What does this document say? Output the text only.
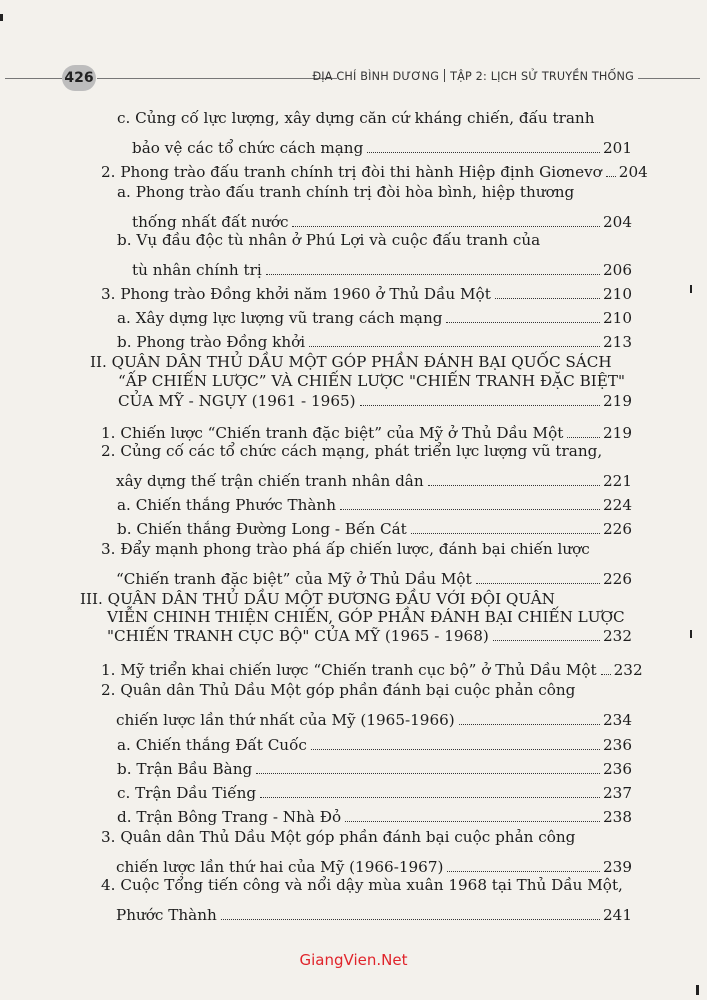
426	ĐỊA CHÍ BÌNH DƯƠNG TẬP 2: LỊCH SỬ TRUYỀN THỐNG
c. Củng cố lực lượng, xây dựng căn cứ kháng chiến, đấu tranh
bảo vệ các tổ chức cách mạng	201
2. Phong trào đấu tranh chính trị đòi thi hành Hiệp định Giơnevơ 204
a. Phong trào đấu tranh chính trị đòi hòa bình, hiệp thương
thống nhất đất nước	204
b. Vụ đầu độc tù nhân ở Phú Lợi và cuộc đấu tranh của
tù nhân chính trị	206
3. Phong trào Đồng khởi năm 1960 ở Thủ Dầu Một	210
a. Xây dựng lực lượng vũ trang cách mạng	210
b. Phong trào Đồng khởi	213
II. QUÂN DÂN THỦ DẦU MỘT GÓP PHẦN ĐÁNH BẠI QUỐC SÁCH
“ẤP CHIẾN LƯỢC” VÀ CHIẾN LƯỢC "CHIẾN TRANH ĐẶC BIỆT"
CỦA MỸ - NGỤY (1961 - 1965)	219
1. Chiến lược “Chiến tranh đặc biệt” của Mỹ ở Thủ Dầu Một	219
2. Củng cố các tổ chức cách mạng, phát triển lực lượng vũ trang,
xây dựng thế trận chiến tranh nhân dân	221
a. Chiến thắng Phước Thành	224
b. Chiến thắng Đường Long - Bến Cát	226
3. Đẩy mạnh phong trào phá ấp chiến lược, đánh bại chiến lược
“Chiến tranh đặc biệt” của Mỹ ở Thủ Dầu Một	226
III. QUÂN DÂN THỦ DẦU MỘT ĐƯƠNG ĐẦU VỚI ĐỘI QUÂN
VIỄN CHINH THIỆN CHIẾN, GÓP PHẦN ĐÁNH BẠI CHIẾN LƯỢC
"CHIẾN TRANH CỤC BỘ" CỦA MỸ (1965 - 1968)	232
1. Mỹ triển khai chiến lược “Chiến tranh cục bộ” ở Thủ Dầu Một 232
2. Quân dân Thủ Dầu Một góp phần đánh bại cuộc phản công
chiến lược lần thứ nhất của Mỹ (1965-1966)	234
a. Chiến thắng Đất Cuốc	236
b. Trận Bầu Bàng	236
c. Trận Dầu Tiếng	237
d. Trận Bông Trang - Nhà Đỏ	238
3. Quân dân Thủ Dầu Một góp phần đánh bại cuộc phản công
chiến lược lần thứ hai của Mỹ (1966-1967)	239
4. Cuộc Tổng tiến công và nổi dậy mùa xuân 1968 tại Thủ Dầu Một,
Phước Thành	241
GiangVien.Net
